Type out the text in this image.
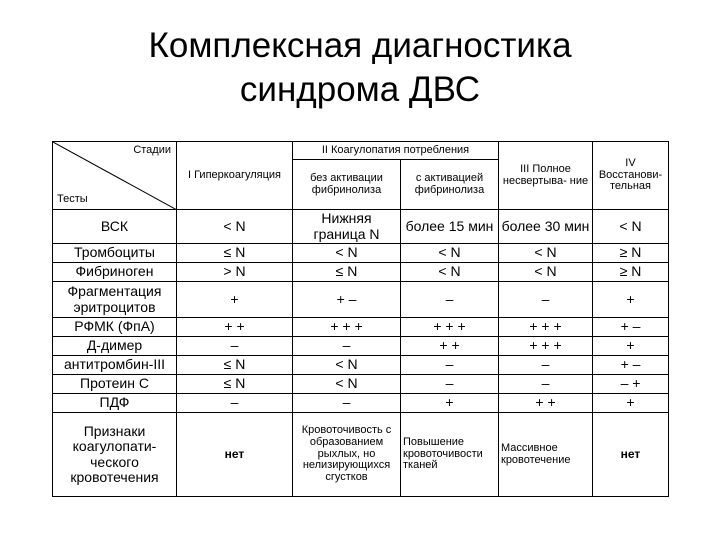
Комплексная диагностика
синдрома ДВС
Стадии
Тесты	I Гиперкоагуляция	II Коагулопатия потребления		III Полное несвертыва- ние	IV Восстанови- тельная
		без активации фибринолиза	с активацией фибринолиза		
ВСК	< N	Нижняя граница N	более 15 мин	более 30 мин	< N
Тромбоциты	≤ N	< N	< N	< N	≥ N
Фибриноген	> N	≤ N	< N	< N	≥ N
Фрагментация эритроцитов	+	+ –	–	–	+
РФМК (ФпА)	+ +	+ + +	+ + +	+ + +	+ –
Д-димер	–	–	+ +	+ + +	+
антитромбин-III	≤ N	< N	–	–	+ –
Протеин С	≤ N	< N	–	–	– +
ПДФ	–	–	+	+ +	+
Признаки коагулопати- ческого кровотечения	нет	Кровоточивость с образованием рыхлых, но нелизирующихся сгустков	Повышение кровоточивости тканей	Массивное кровотечение	нет
